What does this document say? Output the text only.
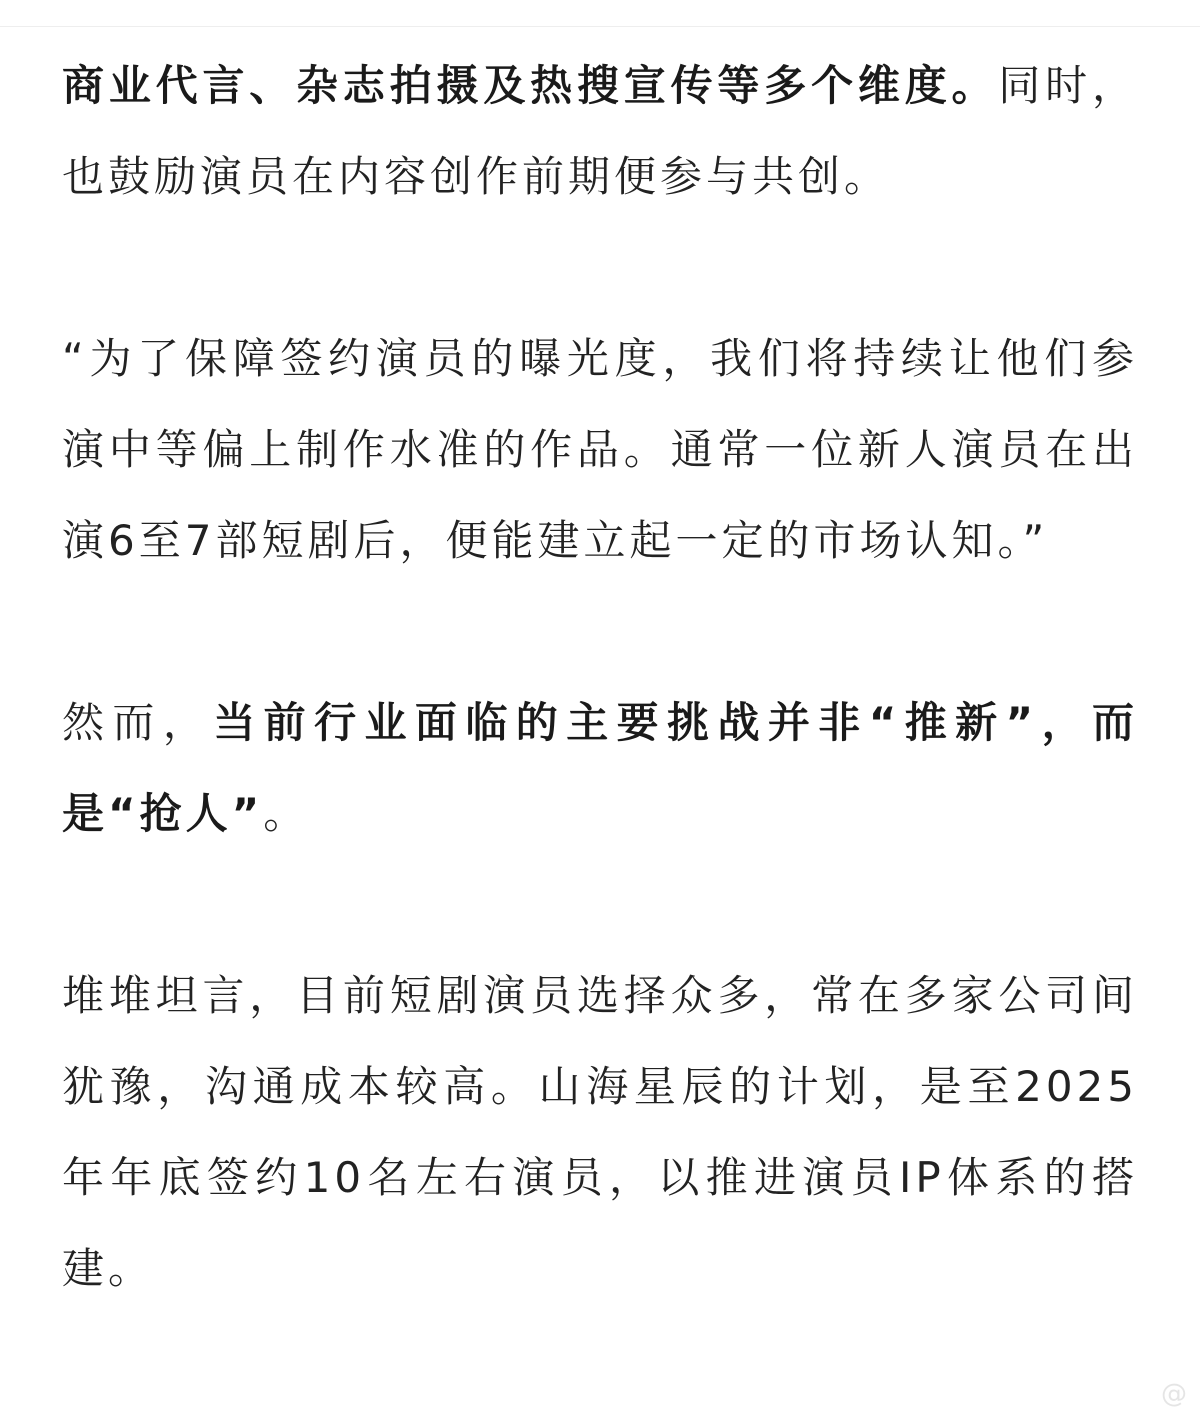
商业代言、杂志拍摄及热搜宣传等多个维度。同时，也鼓励演员在内容创作前期便参与共创。

“为了保障签约演员的曝光度，我们将持续让他们参演中等偏上制作水准的作品。通常一位新人演员在出演6至7部短剧后，便能建立起一定的市场认知。”

然而，当前行业面临的主要挑战并非“推新”，而是“抢人”。

堆堆坦言，目前短剧演员选择众多，常在多家公司间犹豫，沟通成本较高。山海星辰的计划，是至2025年年底签约10名左右演员，以推进演员IP体系的搭建。

@
